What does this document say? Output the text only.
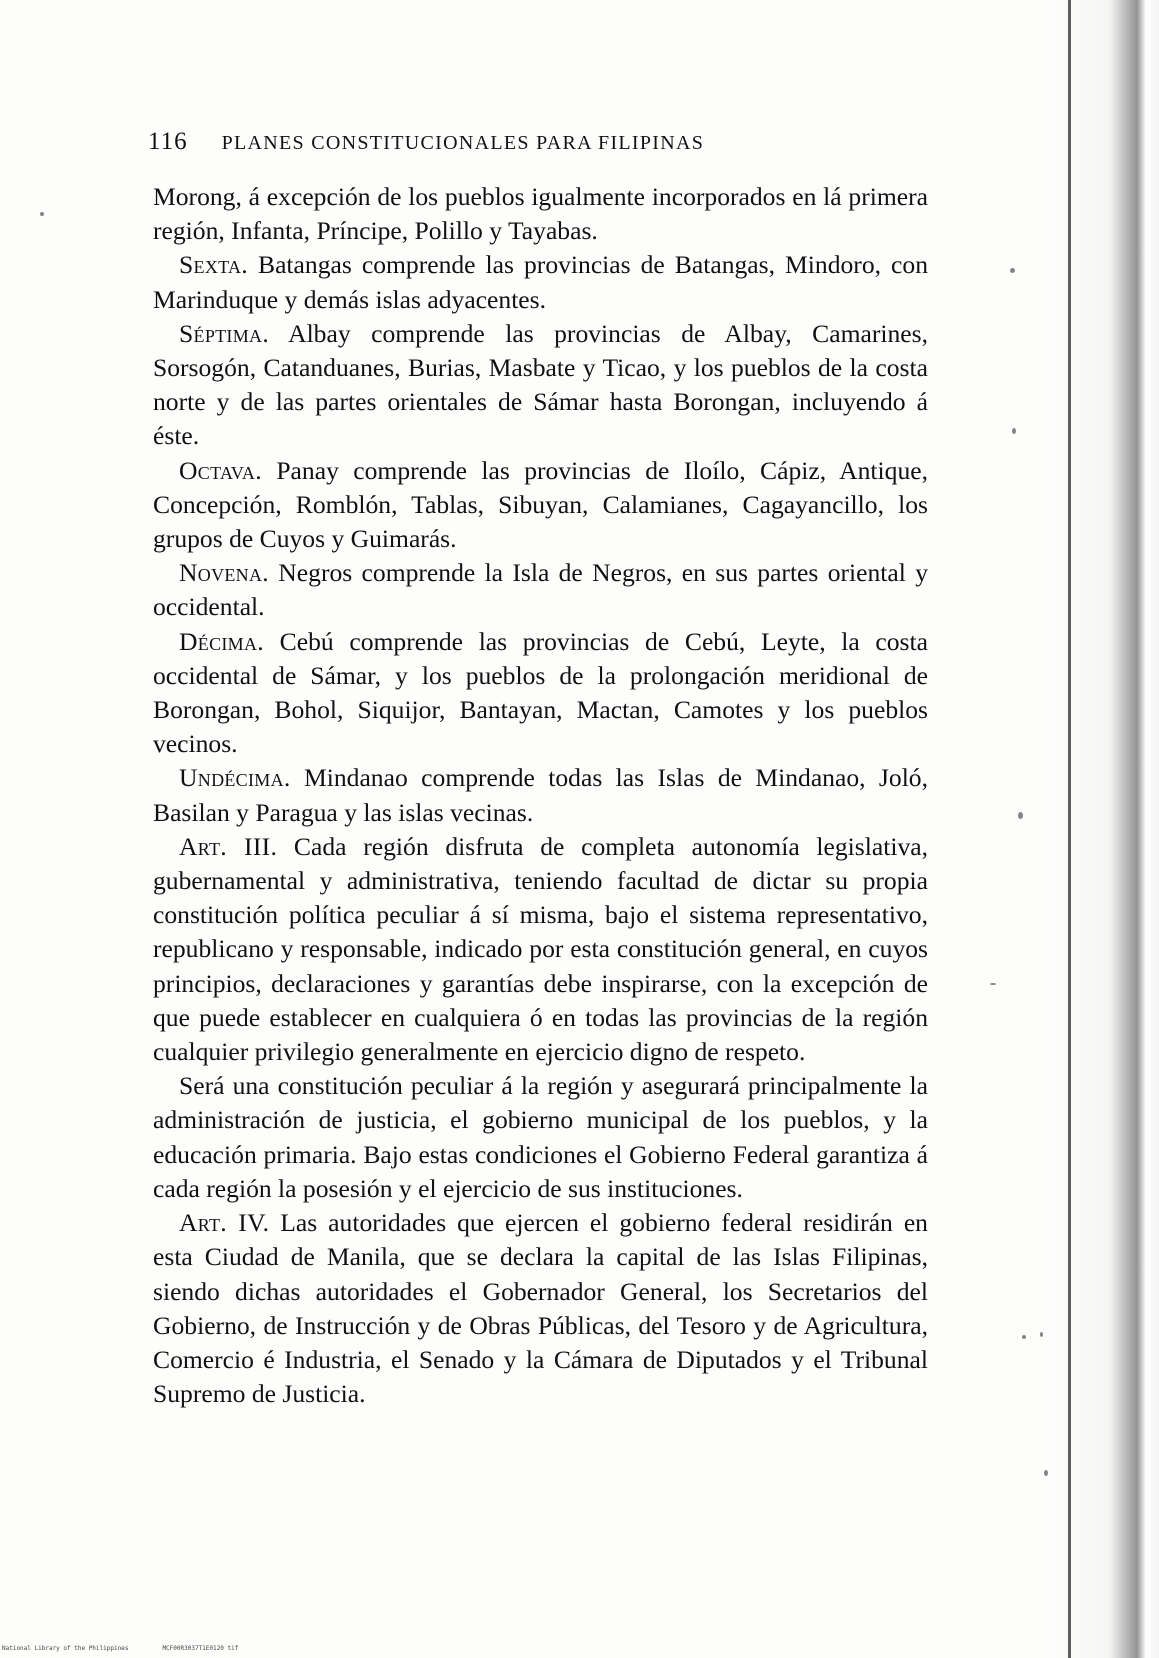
116 PLANES CONSTITUCIONALES PARA FILIPINAS

Morong, á excepción de los pueblos igualmente incorporados en lá primera región, Infanta, Príncipe, Polillo y Tayabas.

Sexta. Batangas comprende las provincias de Batangas, Mindoro, con Marinduque y demás islas adyacentes.

Séptima. Albay comprende las provincias de Albay, Camarines, Sorsogón, Catanduanes, Burias, Masbate y Ticao, y los pueblos de la costa norte y de las partes orientales de Sámar hasta Borongan, incluyendo á éste.

Octava. Panay comprende las provincias de Iloílo, Cápiz, Antique, Concepción, Romblón, Tablas, Sibuyan, Calamianes, Cagayancillo, los grupos de Cuyos y Guimarás.

Novena. Negros comprende la Isla de Negros, en sus partes oriental y occidental.

Décima. Cebú comprende las provincias de Cebú, Leyte, la costa occidental de Sámar, y los pueblos de la prolongación meridional de Borongan, Bohol, Siquijor, Bantayan, Mactan, Camotes y los pueblos vecinos.

Undécima. Mindanao comprende todas las Islas de Mindanao, Joló, Basilan y Paragua y las islas vecinas.

Art. III. Cada región disfruta de completa autonomía legislativa, gubernamental y administrativa, teniendo facultad de dictar su propia constitución política peculiar á sí misma, bajo el sistema representativo, republicano y responsable, indicado por esta constitución general, en cuyos principios, declaraciones y garantías debe inspirarse, con la excepción de que puede establecer en cualquiera ó en todas las provincias de la región cualquier privilegio generalmente en ejercicio digno de respeto.

Será una constitución peculiar á la región y asegurará principalmente la administración de justicia, el gobierno municipal de los pueblos, y la educación primaria. Bajo estas condiciones el Gobierno Federal garantiza á cada región la posesión y el ejercicio de sus instituciones.

Art. IV. Las autoridades que ejercen el gobierno federal residirán en esta Ciudad de Manila, que se declara la capital de las Islas Filipinas, siendo dichas autoridades el Gobernador General, los Secretarios del Gobierno, de Instrucción y de Obras Públicas, del Tesoro y de Agricultura, Comercio é Industria, el Senado y la Cámara de Diputados y el Tribunal Supremo de Justicia.

National Library of the Philippines	MCF00R3037T1E0120 tif
